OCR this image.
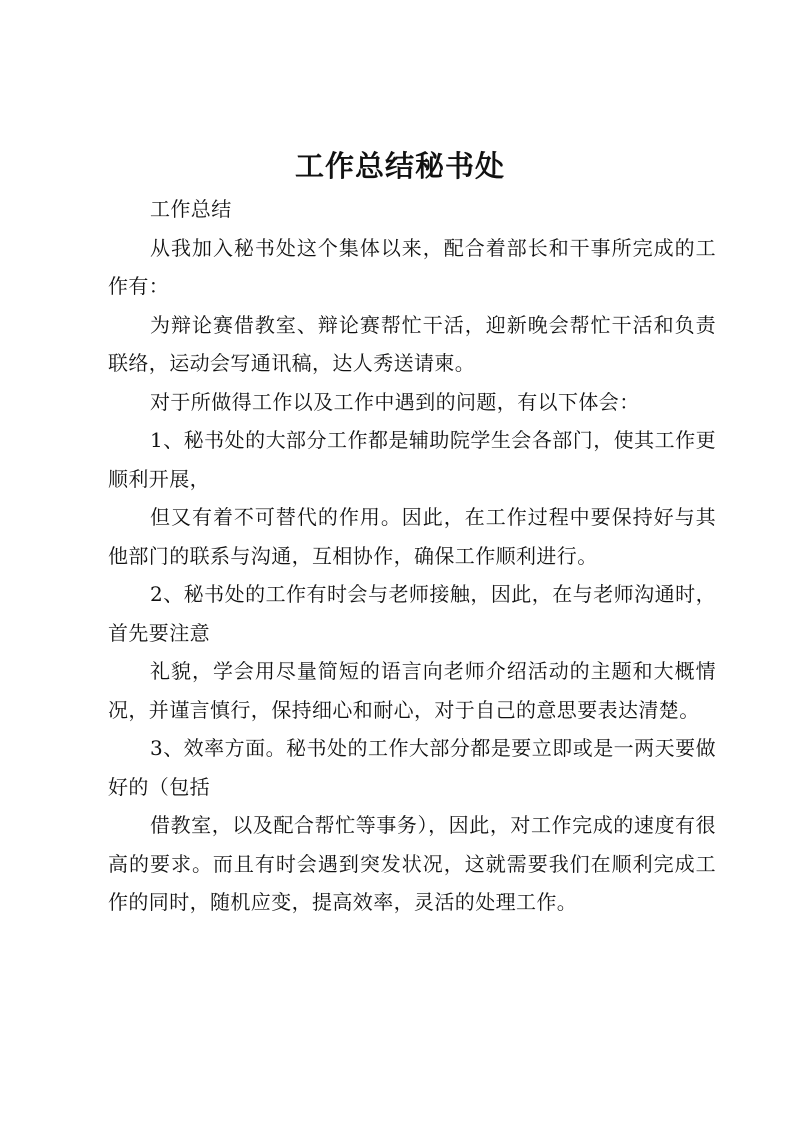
工作总结秘书处

工作总结

从我加入秘书处这个集体以来，配合着部长和干事所完成的工作有：

为辩论赛借教室、辩论赛帮忙干活，迎新晚会帮忙干活和负责联络，运动会写通讯稿，达人秀送请柬。

对于所做得工作以及工作中遇到的问题，有以下体会：

1、秘书处的大部分工作都是辅助院学生会各部门，使其工作更顺利开展，

但又有着不可替代的作用。因此，在工作过程中要保持好与其他部门的联系与沟通，互相协作，确保工作顺利进行。

2、秘书处的工作有时会与老师接触，因此，在与老师沟通时，首先要注意

礼貌，学会用尽量简短的语言向老师介绍活动的主题和大概情况，并谨言慎行，保持细心和耐心，对于自己的意思要表达清楚。

3、效率方面。秘书处的工作大部分都是要立即或是一两天要做好的（包括

借教室，以及配合帮忙等事务），因此，对工作完成的速度有很高的要求。而且有时会遇到突发状况，这就需要我们在顺利完成工作的同时，随机应变，提高效率，灵活的处理工作。
